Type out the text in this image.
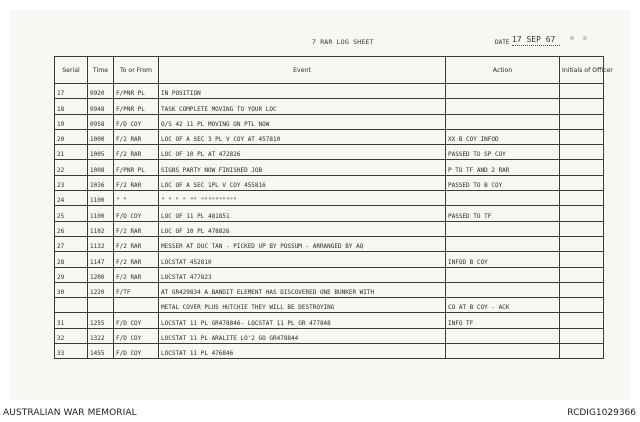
7 RAR LOG SHEET	DATE 17 SEP 67
Serial	Time	To or From	Event	Action	Initials of Officer
17	0920	F/PNR PL	IN POSITION		
18	0948	F/PNR PL	TASK COMPLETE MOVING TO YOUR LOC		
19	0958	F/D COY	O/S 42 11 PL MOVING ON PTL NOW		
20	1000	F/2 RAR	LOC OF A SEC 3 PL V COY AT 457810	XX B COY INFOD	
21	1005	F/2 RAR	LOC OF 10 PL AT 472826	PASSED TO SP COY	
22	1008	F/PNR PL	SIGNS PARTY NOW FINISHED JOB	P TO TF AND 2 RAR	
23	1036	F/2 RAR	LOC OF A SEC 1PL V COY 455816	PASSED TO B COY	
24	1100	" "	" " " " "" """"""""""		
25	1100	F/D COY	LOC OF 11 PL 481851	PASSED TO TF	
26	1102	F/2 RAR	LOC OF 10 PL 478826		
27	1132	F/2 RAR	MESSER AT DUC TAN - PICKED UP BY POSSUM - ARRANGED BY AQ		
28	1147	F/2 RAR	LOCSTAT 452810	INFOD B COY	
29	1200	F/2 RAR	LOCSTAT 477823		
30	1220	F/TF	AT GR429834 A BANDIT ELEMENT HAS DISCOVERED ONE BUNKER WITH		
			METAL COVER PLUS HUTCHIE THEY WILL BE DESTROYING	CO AT B COY - ACK	
31	1255	F/D COY	LOCSTAT 11 PL GR478846- LOCSTAT 11 PL GR 477848	INFO TF	
32	1322	F/D COY	LOCSTAT 11 PL ARALITE LO'2 GO GR478844		
33	1455	F/D COY	LOCSTAT 11 PL 476846		
AUSTRALIAN WAR MEMORIAL	RCDIG1029366
